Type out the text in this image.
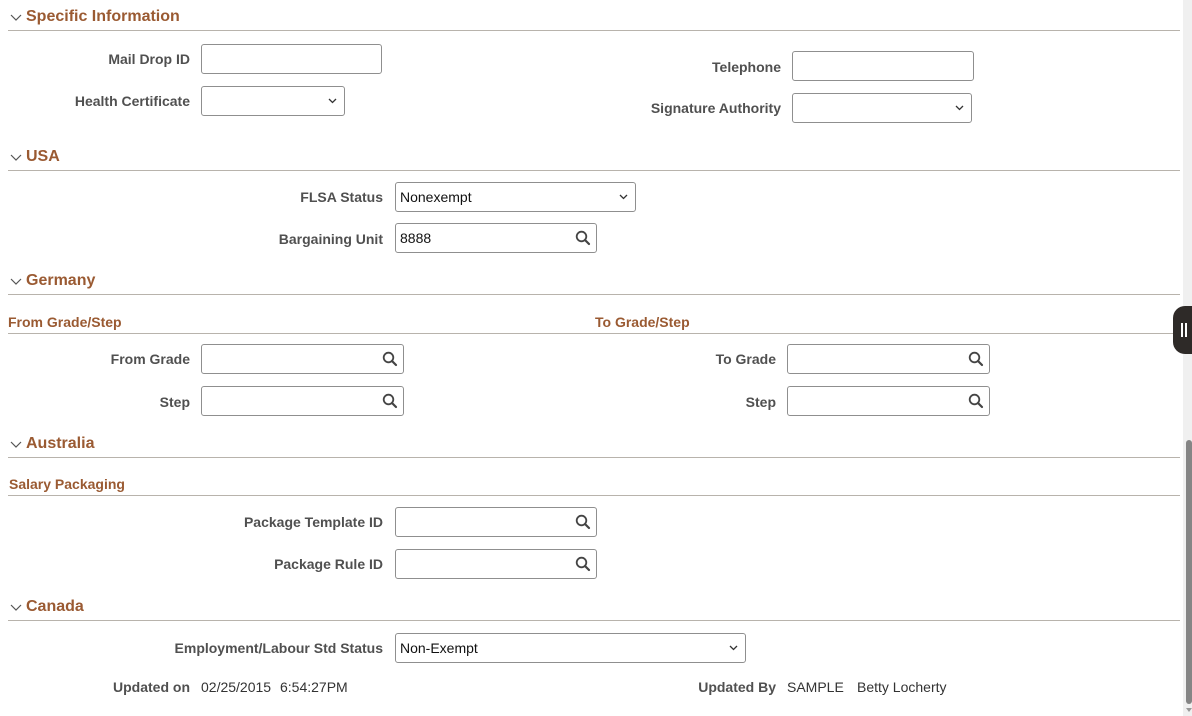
Specific Information
Mail Drop ID
Health Certificate
Telephone
Signature Authority
USA
FLSA Status Nonexempt
Bargaining Unit 8888
Germany
From Grade/Step	To Grade/Step
From Grade
Step
To Grade
Step
Australia
Salary Packaging
Package Template ID
Package Rule ID
Canada
Employment/Labour Std Status Non-Exempt
Updated on 02/25/2015 6:54:27PM	Updated By SAMPLE Betty Locherty
